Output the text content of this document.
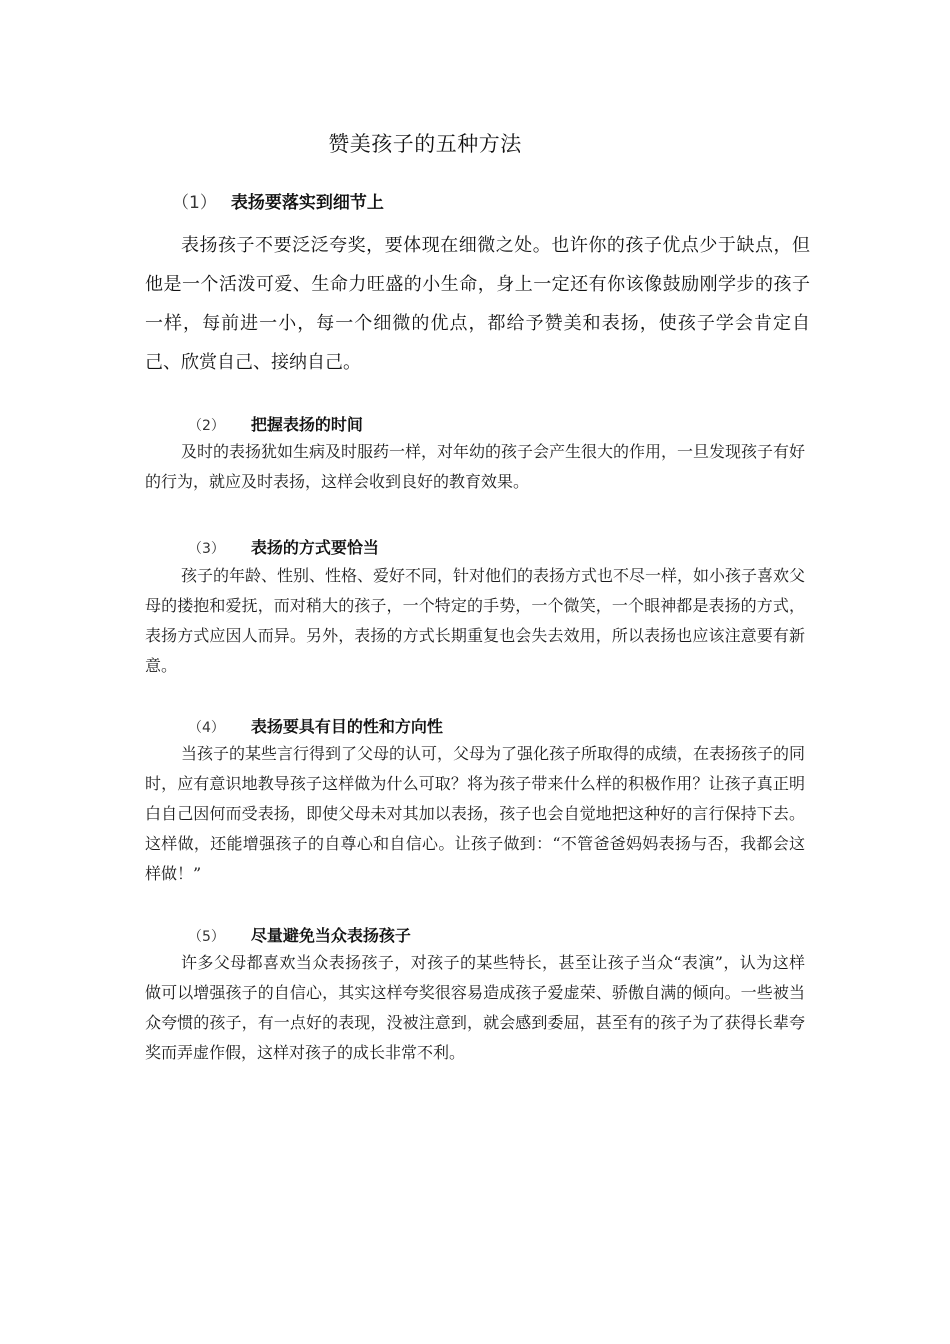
赞美孩子的五种方法
（1） 表扬要落实到细节上

表扬孩子不要泛泛夸奖，要体现在细微之处。也许你的孩子优点少于缺点，但他是一个活泼可爱、生命力旺盛的小生命，身上一定还有你该像鼓励刚学步的孩子一样，每前进一小，每一个细微的优点，都给予赞美和表扬，使孩子学会肯定自己、欣赏自己、接纳自己。

（2） 把握表扬的时间

及时的表扬犹如生病及时服药一样，对年幼的孩子会产生很大的作用，一旦发现孩子有好的行为，就应及时表扬，这样会收到良好的教育效果。

（3） 表扬的方式要恰当

孩子的年龄、性别、性格、爱好不同，针对他们的表扬方式也不尽一样，如小孩子喜欢父母的搂抱和爱抚，而对稍大的孩子，一个特定的手势，一个微笑，一个眼神都是表扬的方式，表扬方式应因人而异。另外，表扬的方式长期重复也会失去效用，所以表扬也应该注意要有新意。

（4） 表扬要具有目的性和方向性

当孩子的某些言行得到了父母的认可，父母为了强化孩子所取得的成绩，在表扬孩子的同时，应有意识地教导孩子这样做为什么可取？将为孩子带来什么样的积极作用？让孩子真正明白自己因何而受表扬，即使父母未对其加以表扬，孩子也会自觉地把这种好的言行保持下去。这样做，还能增强孩子的自尊心和自信心。让孩子做到：“不管爸爸妈妈表扬与否，我都会这样做！”

（5） 尽量避免当众表扬孩子

许多父母都喜欢当众表扬孩子，对孩子的某些特长，甚至让孩子当众“表演”，认为这样做可以增强孩子的自信心，其实这样夸奖很容易造成孩子爱虚荣、骄傲自满的倾向。一些被当众夸惯的孩子，有一点好的表现，没被注意到，就会感到委屈，甚至有的孩子为了获得长辈夸奖而弄虚作假，这样对孩子的成长非常不利。
